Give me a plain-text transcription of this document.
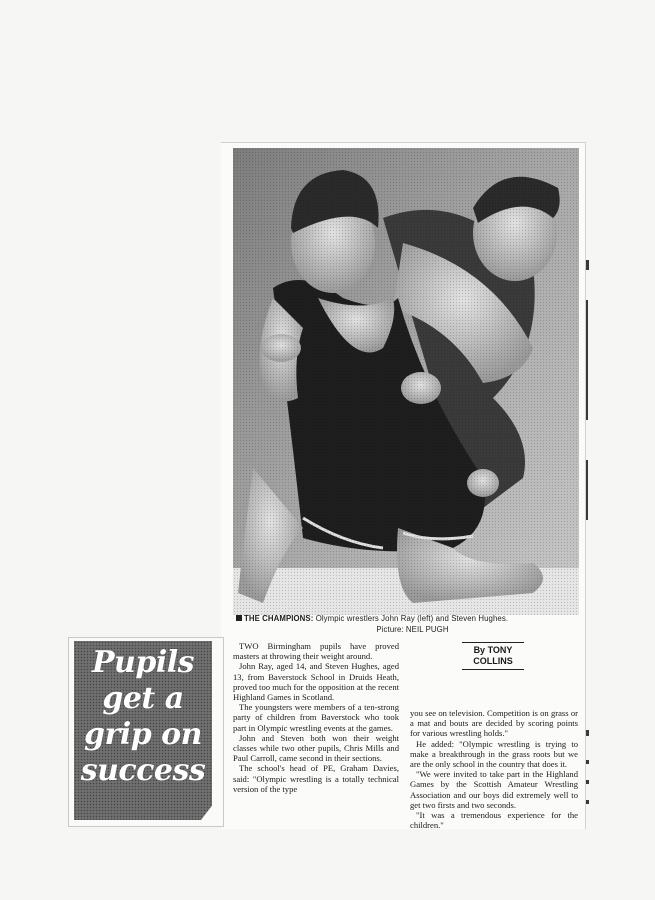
THE CHAMPIONS: Olympic wrestlers John Ray (left) and Steven Hughes.
Picture: NEIL PUGH
Pupils
get a
grip on
success

TWO Birmingham pupils have proved masters at throwing their weight around.

John Ray, aged 14, and Steven Hughes, aged 13, from Baverstock School in Druids Heath, proved too much for the opposition at the recent Highland Games in Scotland.

The youngsters were members of a ten-strong party of children from Baverstock who took part in Olympic wrestling events at the games.

John and Steven both won their weight classes while two other pupils, Chris Mills and Paul Carroll, came second in their sections.

The school's head of PE, Graham Davies, said: "Olympic wrestling is a totally technical version of the type

By TONY
COLLINS

you see on television. Competition is on grass or a mat and bouts are decided by scoring points for various wrestling holds."

He added: "Olympic wrestling is trying to make a breakthrough in the grass roots but we are the only school in the country that does it.

"We were invited to take part in the Highland Games by the Scottish Amateur Wrestling Association and our boys did extremely well to get two firsts and two seconds.

"It was a tremendous experience for the children."
